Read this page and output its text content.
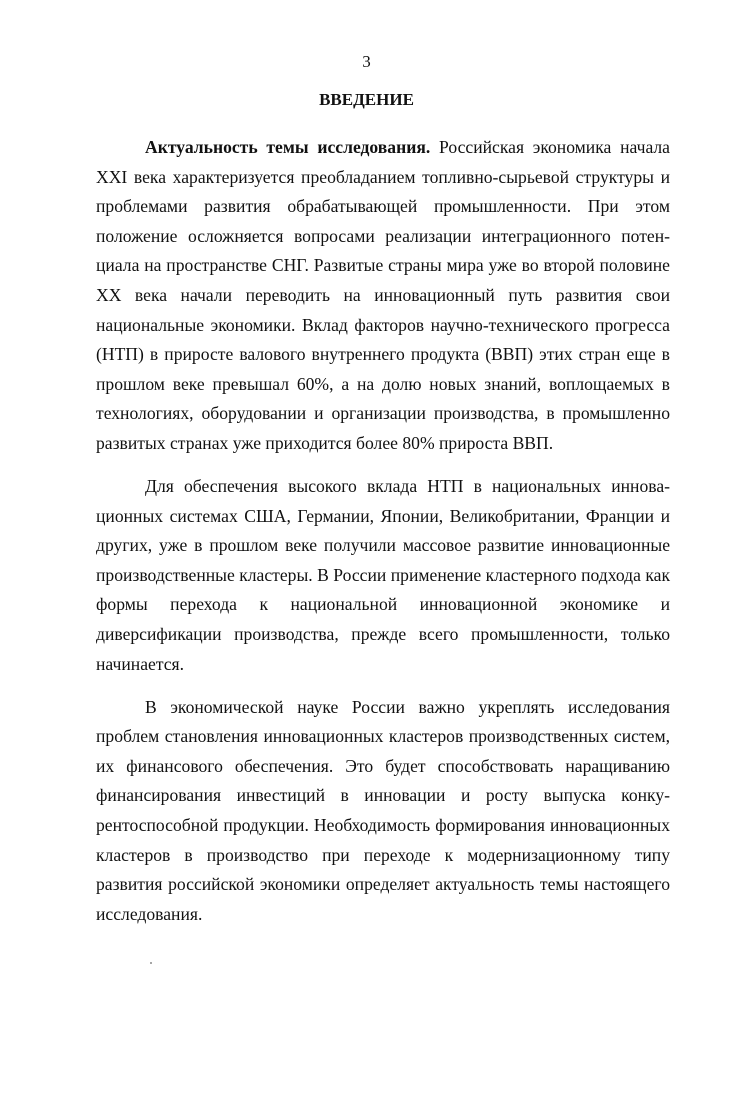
3
ВВЕДЕНИЕ

Актуальность темы исследования. Российская экономика начала XXI века характеризуется преобладанием топливно-сырьевой структуры и проблемами развития обрабатывающей промышленности. При этом положение осложняется вопросами реализации интеграционного потенциала на пространстве СНГ. Развитые страны мира уже во второй половине XX века начали переводить на инновационный путь развития свои национальные экономики. Вклад факторов научно-технического прогресса (НТП) в приросте валового внутреннего продукта (ВВП) этих стран еще в прошлом веке превышал 60%, а на долю новых знаний, воплощаемых в технологиях, оборудовании и организации производства, в промышленно развитых странах уже приходится более 80% прироста ВВП.

Для обеспечения высокого вклада НТП в национальных инновационных системах США, Германии, Японии, Великобритании, Франции и других, уже в прошлом веке получили массовое развитие инновационные производственные кластеры. В России применение кластерного подхода как формы перехода к национальной инновационной экономике и диверсификации производства, прежде всего промышленности, только начинается.

В экономической науке России важно укреплять исследования проблем становления инновационных кластеров производственных систем, их финансового обеспечения. Это будет способствовать наращиванию финансирования инвестиций в инновации и росту выпуска конкурентоспособной продукции. Необходимость формирования инновационных кластеров в производство при переходе к модернизационному типу развития российской экономики определяет актуальность темы настоящего исследования.
